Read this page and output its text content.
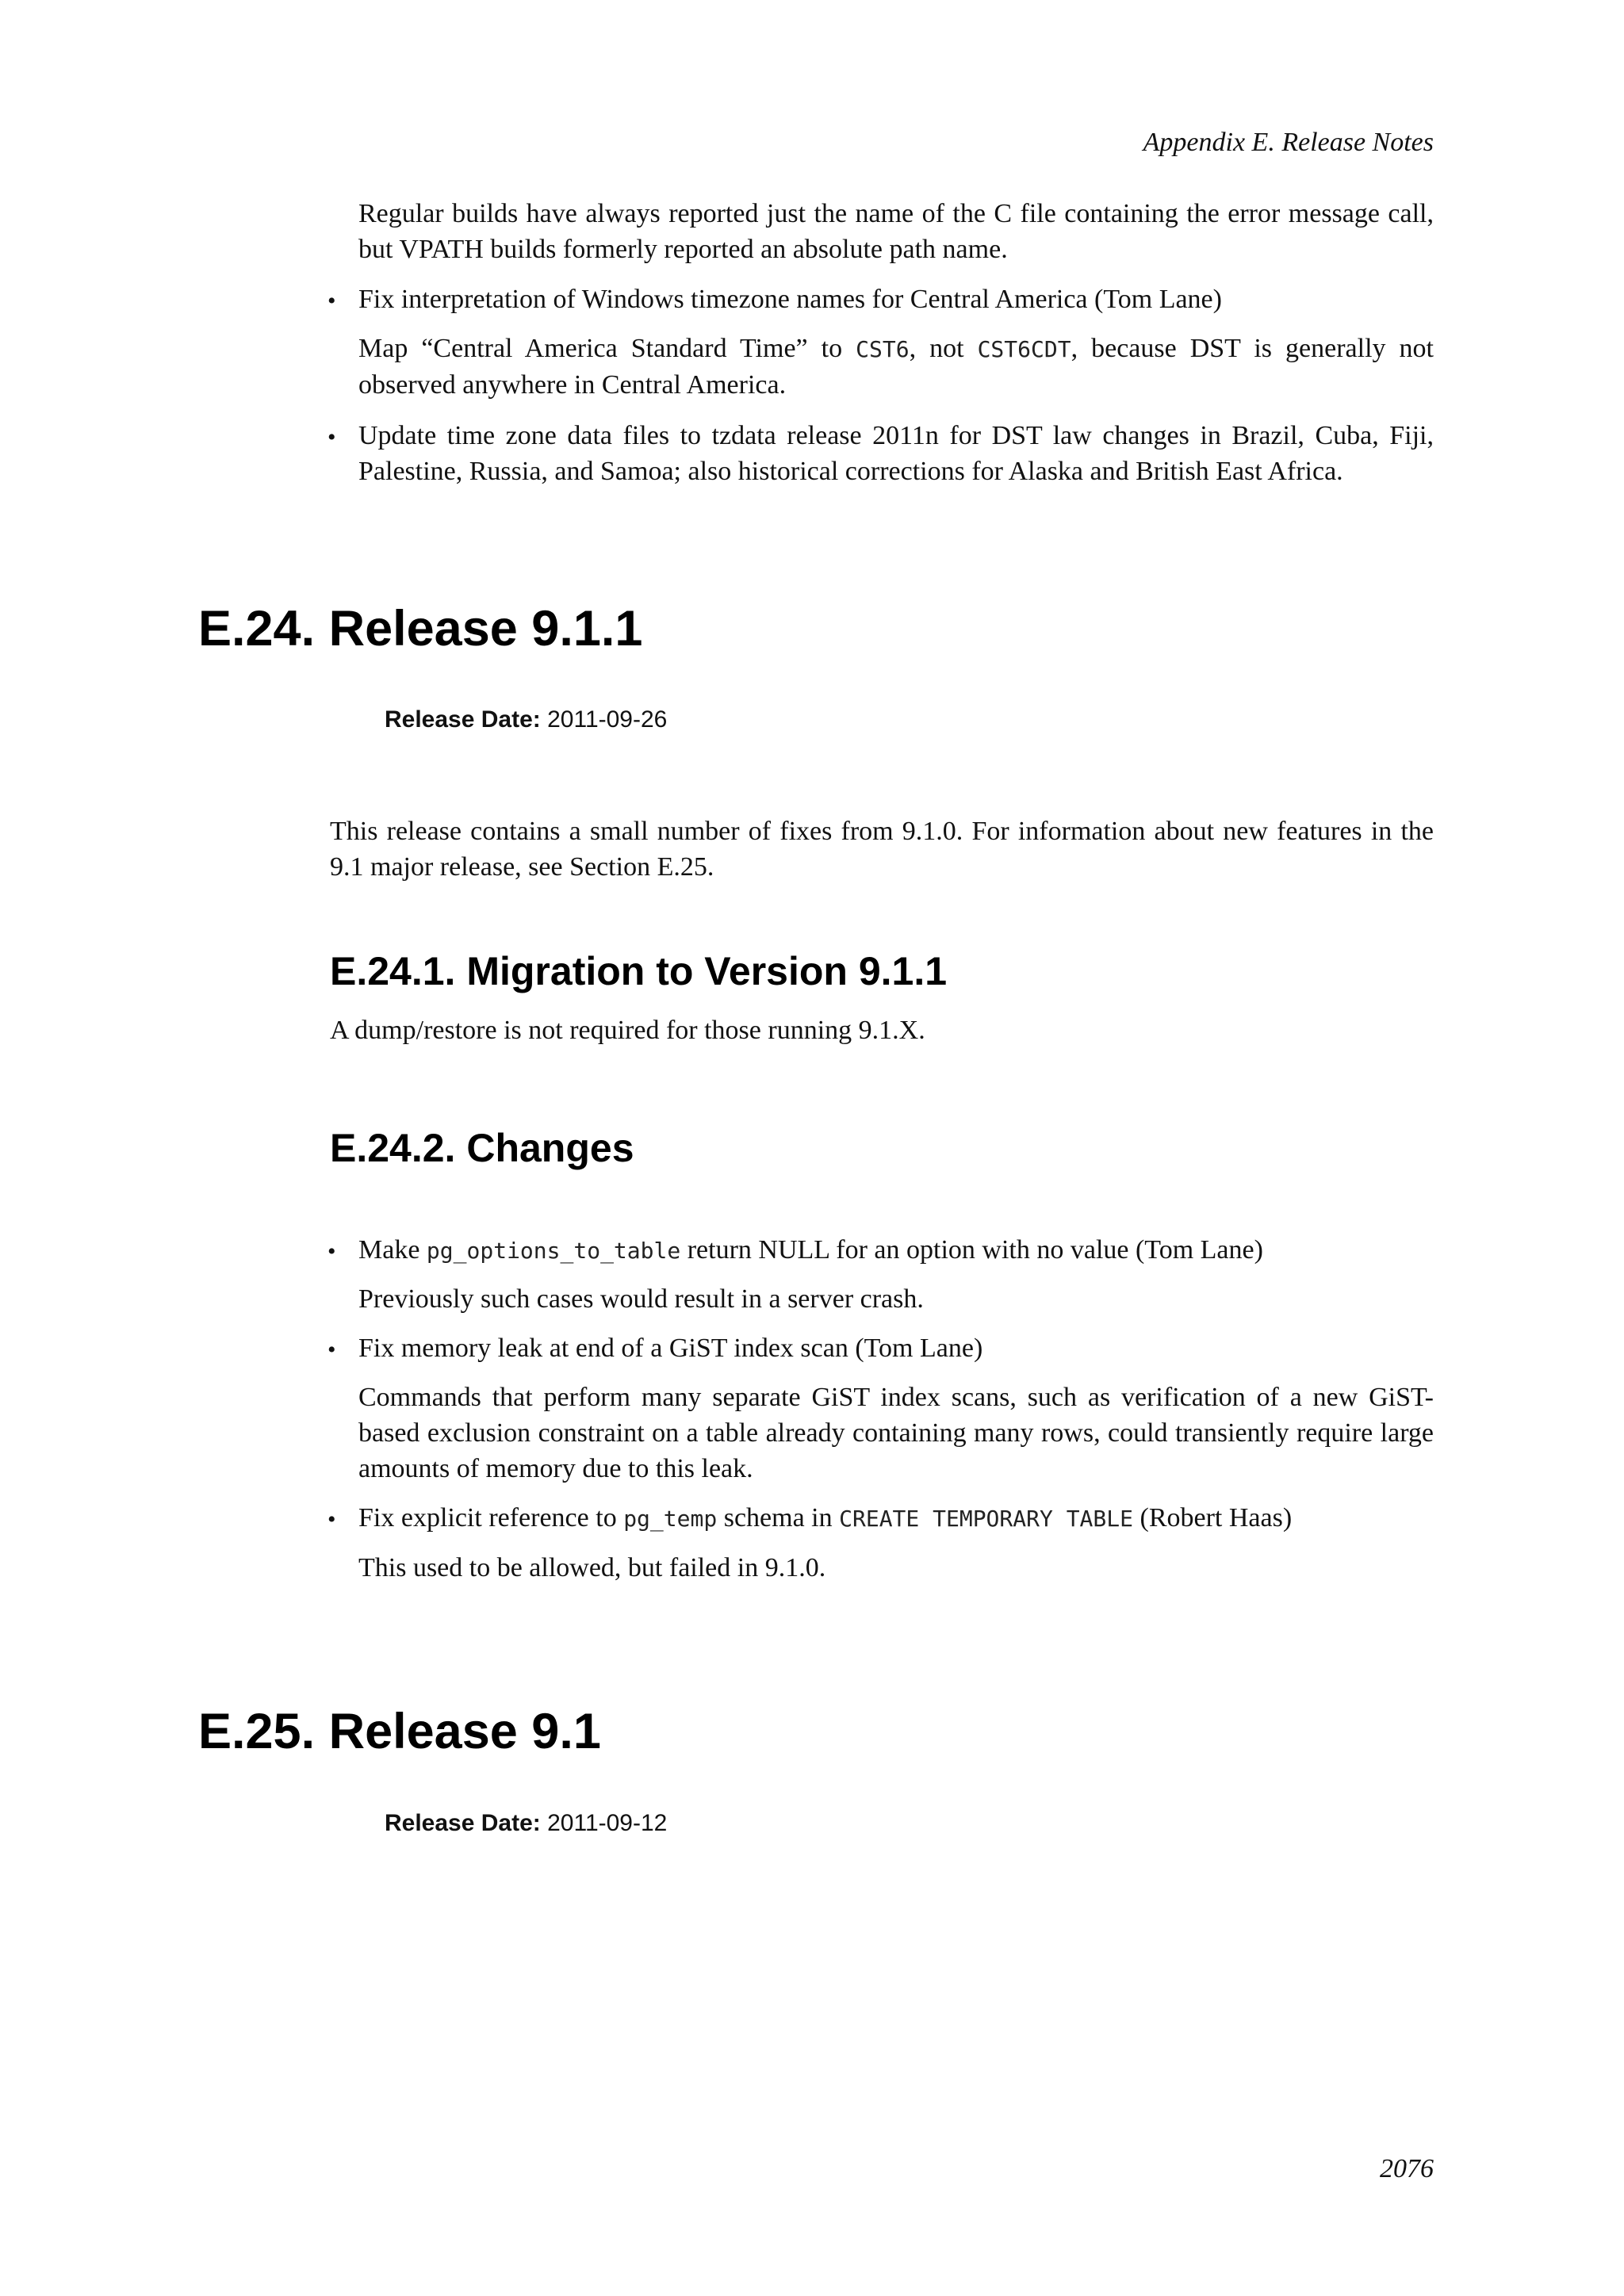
Appendix E. Release Notes
Regular builds have always reported just the name of the C file containing the error message call, but VPATH builds formerly reported an absolute path name.
• Fix interpretation of Windows timezone names for Central America (Tom Lane)
Map “Central America Standard Time” to CST6, not CST6CDT, because DST is generally not observed anywhere in Central America.
• Update time zone data files to tzdata release 2011n for DST law changes in Brazil, Cuba, Fiji, Palestine, Russia, and Samoa; also historical corrections for Alaska and British East Africa.
E.24. Release 9.1.1
Release Date: 2011-09-26
This release contains a small number of fixes from 9.1.0. For information about new features in the 9.1 major release, see Section E.25.
E.24.1. Migration to Version 9.1.1
A dump/restore is not required for those running 9.1.X.
E.24.2. Changes
• Make pg_options_to_table return NULL for an option with no value (Tom Lane)
Previously such cases would result in a server crash.
• Fix memory leak at end of a GiST index scan (Tom Lane)
Commands that perform many separate GiST index scans, such as verification of a new GiST-based exclusion constraint on a table already containing many rows, could transiently require large amounts of memory due to this leak.
• Fix explicit reference to pg_temp schema in CREATE TEMPORARY TABLE (Robert Haas)
This used to be allowed, but failed in 9.1.0.
E.25. Release 9.1
Release Date: 2011-09-12
2076
